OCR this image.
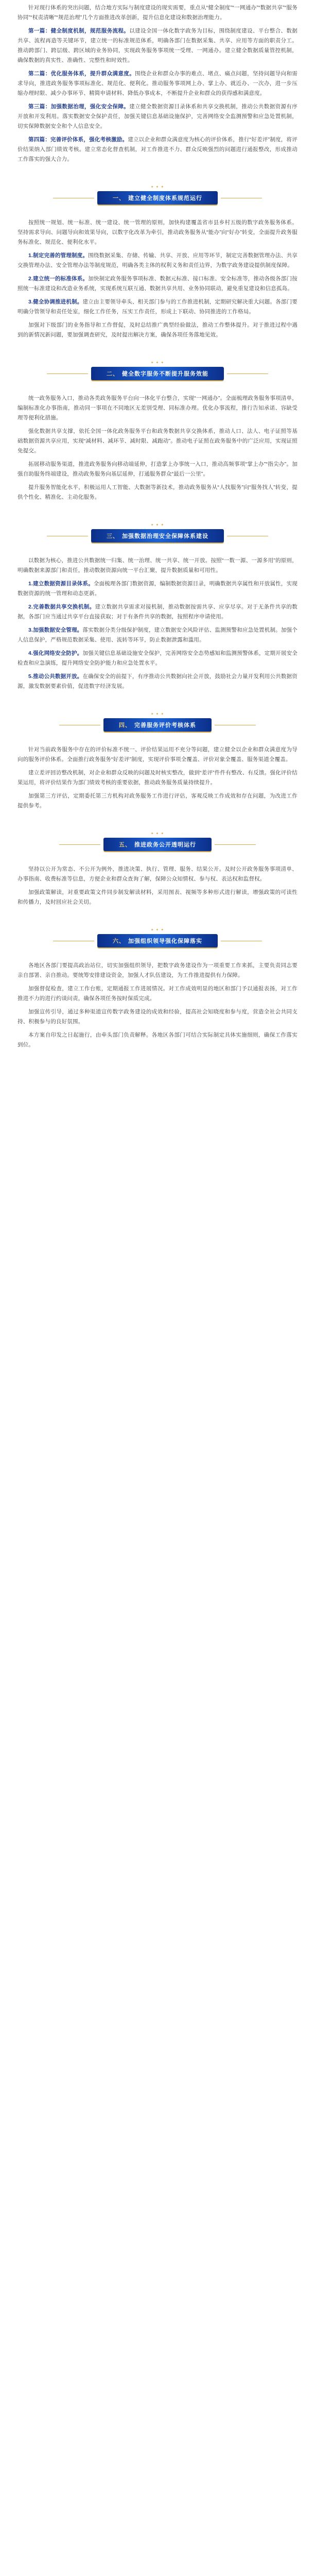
针对现行体系的突出问题，结合地方实际与制度建设的现实需要，重点从“健全制度”“一网通办”“数据共享”“服务协同”“权责清晰”“规范治理”几个方面推进改革创新，提升信息化建设和数据治理能力。

第一篇：健全制度机制，规范服务流程。以建设全国一体化数字政务为目标，围绕制度建设、平台整合、数据共享、流程再造等关键环节，建立统一的标准规范体系，明确各部门在数据采集、共享、应用等方面的职责分工。推动跨部门、跨层级、跨区域的业务协同，实现政务服务事项统一受理、一网通办。建立健全数据质量管控机制，确保数据的真实性、准确性、完整性和时效性。

第二篇：优化服务体系，提升群众满意度。围绕企业和群众办事的难点、堵点、痛点问题，坚持问题导向和需求导向，推进政务服务事项标准化、规范化、便利化。推动服务事项网上办、掌上办、就近办、一次办，进一步压缩办理时限、减少办事环节、精简申请材料、降低办事成本，不断提升企业和群众的获得感和满意度。

第三篇：加强数据治理，强化安全保障。建立健全数据资源目录体系和共享交换机制，推动公共数据资源有序开放和开发利用。落实数据安全保护责任，加强关键信息基础设施保护，完善网络安全监测预警和应急处置机制，切实保障数据安全和个人信息安全。

第四篇：完善评价体系，强化考核激励。建立以企业和群众满意度为核心的评价体系，推行“好差评”制度，将评价结果纳入部门绩效考核。建立常态化督查机制，对工作推进不力、群众反映强烈的问题进行通报整改，形成推动工作落实的强大合力。

✦ ✦ ✦
一、 建立健全制度体系规范运行

按照统一规划、统一标准、统一建设、统一管理的原则，加快构建覆盖省市县乡村五级的数字政务服务体系。坚持需求导向、问题导向和效果导向，以数字化改革为牵引，推动政务服务从“能办”向“好办”转变，全面提升政务服务标准化、规范化、便利化水平。

1.制定完善的管理制度。围绕数据采集、存储、传输、共享、开放、应用等环节，制定完善数据管理办法、共享交换管理办法、安全管理办法等制度规范，明确各类主体的权利义务和责任边界，为数字政务建设提供制度保障。

2.建立统一的标准体系。加快制定政务服务事项标准、数据元标准、接口标准、安全标准等，推动各级各部门按照统一标准建设和改造业务系统，实现系统互联互通、数据共享共用、业务协同联动，避免重复建设和信息孤岛。

3.健全协调推进机制。建立由主要领导牵头、相关部门参与的工作推进机制，定期研究解决重大问题。各部门要明确分管领导和责任处室，细化工作任务，压实工作责任，形成上下联动、协同推进的工作格局。

加强对下级部门的业务指导和工作督促，及时总结推广典型经验做法，推动工作整体提升。对于推进过程中遇到的新情况新问题，要加强调查研究，及时提出解决方案，确保各项任务落地见效。

✦ ✦ ✦
二、 健全数字服务不断提升服务效能

统一政务服务入口，推动各类政务服务平台向一体化平台整合，实现“一网通办”。全面梳理政务服务事项清单，编制标准化办事指南，推动同一事项在不同地区无差别受理、同标准办理。优化办事流程，推行告知承诺、容缺受理等便利化措施。

强化数据共享支撑，依托全国一体化政务服务平台和政务数据共享交换体系，推动人口、法人、电子证照等基础数据资源共享应用，实现“减材料、减环节、减时限、减跑动”。推动电子证照在政务服务中的广泛应用，实现证照免提交。

拓展移动服务渠道，推进政务服务向移动端延伸，打造掌上办事统一入口，推动高频事项“掌上办”“指尖办”。加强自助服务终端建设，推动政务服务向基层延伸，打通服务群众“最后一公里”。

提升服务智能化水平，积极运用人工智能、大数据等新技术，推动政务服务从“人找服务”向“服务找人”转变，提供个性化、精准化、主动化服务。

✦ ✦ ✦
三、 加强数据治理安全保障体系建设

以数据为核心，推进公共数据统一归集、统一治理、统一共享、统一开放。按照“一数一源、一源多用”的原则，明确数据来源部门和责任，推动数据资源向统一平台汇聚，提升数据质量和可用性。

1.建立数据资源目录体系。全面梳理各部门数据资源，编制数据资源目录，明确数据共享属性和开放属性，实现数据资源的统一管理和动态更新。

2.完善数据共享交换机制。建立数据共享需求对接机制，推动数据按需共享、应享尽享。对于无条件共享的数据，各部门应当通过共享平台直接获取；对于有条件共享的数据，按照程序申请使用。

3.加强数据安全管理。落实数据分类分级保护制度，建立数据安全风险评估、监测预警和应急处置机制。加强个人信息保护，严格规范数据采集、使用、流转等环节，防止数据泄露和滥用。

4.强化网络安全防护。加强关键信息基础设施安全保护，完善网络安全态势感知和监测预警体系，定期开展安全检查和应急演练，提升网络安全防护能力和应急处置水平。

5.推动公共数据开放。在确保安全的前提下，有序推动公共数据向社会开放，鼓励社会力量开发利用公共数据资源，激发数据要素价值，促进数字经济发展。

✦ ✦ ✦
四、 完善服务评价考核体系

针对当前政务服务中存在的评价标准不统一、评价结果运用不充分等问题，建立健全以企业和群众满意度为导向的服务评价体系。全面推行政务服务“好差评”制度，实现评价事项全覆盖、评价对象全覆盖、服务渠道全覆盖。

建立差评回访整改机制，对企业和群众反映的问题及时核实整改，做到“差评”件件有整改、有反馈。强化评价结果运用，将评价结果作为部门绩效考核的重要依据，推动政务服务质量持续提升。

加强第三方评估，定期委托第三方机构对政务服务工作进行评估，客观反映工作成效和存在问题，为改进工作提供参考。

✦ ✦ ✦
五、 推进政务公开透明运行

坚持以公开为常态、不公开为例外，推进决策、执行、管理、服务、结果公开。及时公开政务服务事项清单、办事指南、收费标准等信息，方便企业和群众查询了解，保障公众知情权、参与权、表达权和监督权。

加强政策解读，对重要政策文件同步制发解读材料，采用图表、视频等多种形式进行解读，增强政策的可读性和传播力，及时回应社会关切。

✦ ✦ ✦
六、 加强组织领导强化保障落实

各地区各部门要提高政治站位，切实加强组织领导，把数字政务建设作为一项重要工作来抓，主要负责同志要亲自部署、亲自推动。要统筹安排建设资金，加强人才队伍建设，为工作推进提供有力保障。

加强督促检查，建立工作台账，定期通报工作进展情况。对工作成效明显的地区和部门予以通报表扬，对工作推进不力的进行约谈问责，确保各项任务按时保质完成。

加强宣传引导，通过多种渠道宣传数字政务建设的成效和经验，提高社会知晓度和参与度，营造全社会共同支持、积极参与的良好氛围。

本方案自印发之日起施行，由牵头部门负责解释。各地区各部门可结合实际制定具体实施细则，确保工作落实到位。
